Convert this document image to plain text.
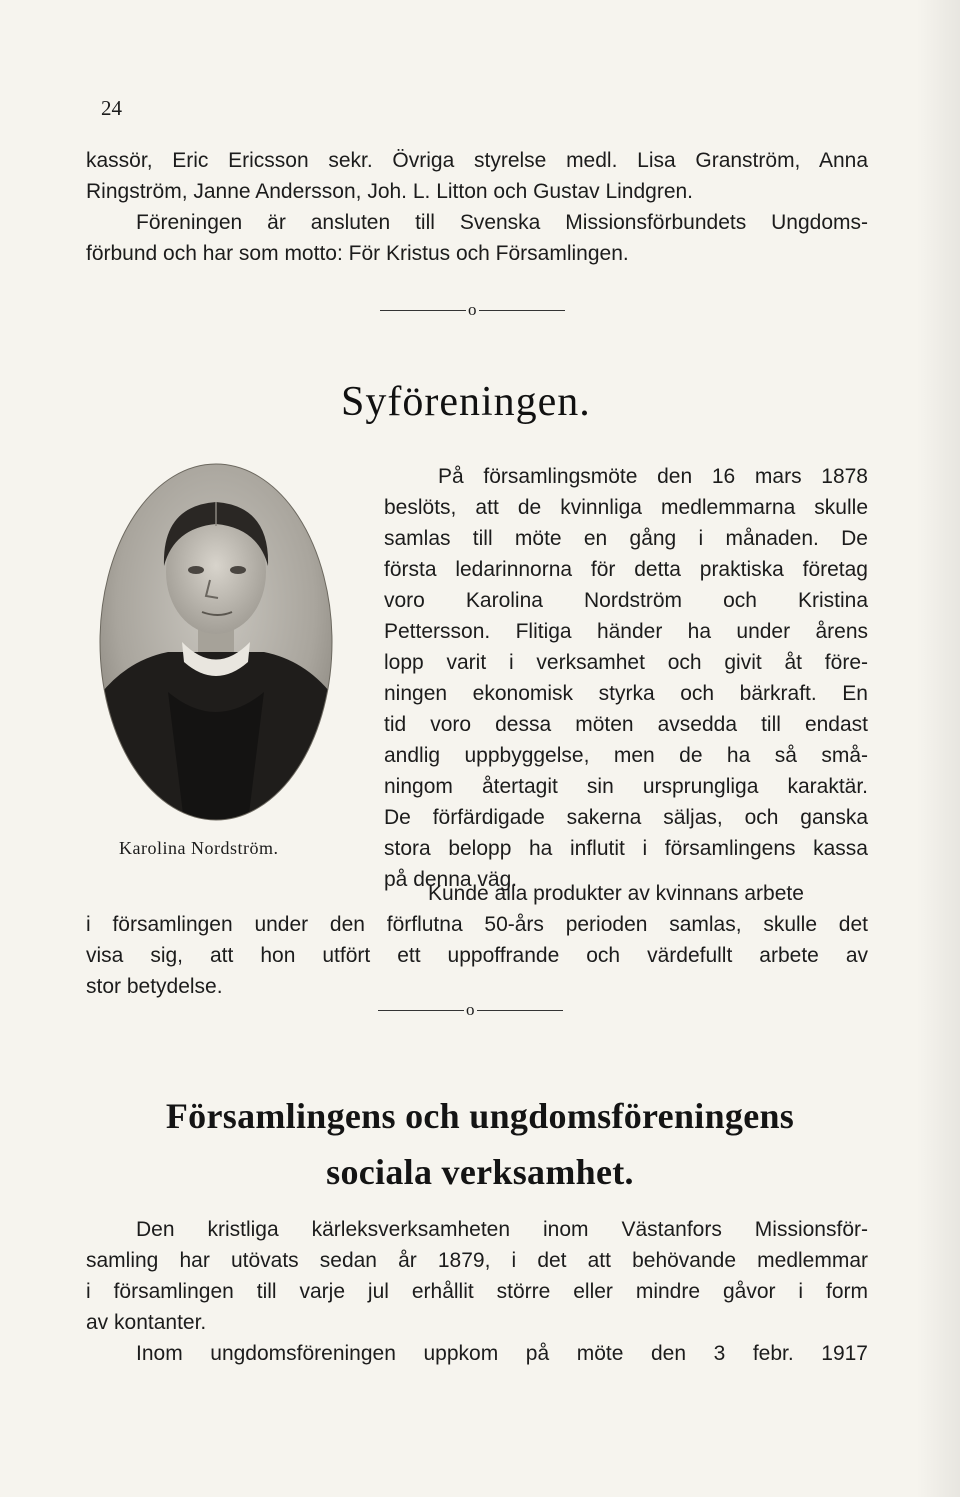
24
kassör, Eric Ericsson sekr. Övriga styrelse medl. Lisa Granström, Anna
Ringström, Janne Andersson, Joh. L. Litton och Gustav Lindgren.
Föreningen är ansluten till Svenska Missionsförbundets Ungdoms-
förbund och har som motto: För Kristus och Församlingen.
o
Syföreningen.
Karolina Nordström.
På församlingsmöte den 16 mars 1878
beslöts, att de kvinnliga medlemmarna skulle
samlas till möte en gång i månaden. De
första ledarinnorna för detta praktiska företag
voro Karolina Nordström och Kristina
Pettersson. Flitiga händer ha under årens
lopp varit i verksamhet och givit åt före-
ningen ekonomisk styrka och bärkraft. En
tid voro dessa möten avsedda till endast
andlig uppbyggelse, men de ha så små-
ningom återtagit sin ursprungliga karaktär.
De förfärdigade sakerna säljas, och ganska
stora belopp ha influtit i församlingens kassa
på denna väg.
Kunde alla produkter av kvinnans arbete
i församlingen under den förflutna 50-års perioden samlas, skulle det
visa sig, att hon utfört ett uppoffrande och värdefullt arbete av
stor betydelse.
o
Församlingens och ungdomsföreningens
sociala verksamhet.
Den kristliga kärleksverksamheten inom Västanfors Missionsför-
samling har utövats sedan år 1879, i det att behövande medlemmar
i församlingen till varje jul erhållit större eller mindre gåvor i form
av kontanter.
Inom ungdomsföreningen uppkom på möte den 3 febr. 1917
